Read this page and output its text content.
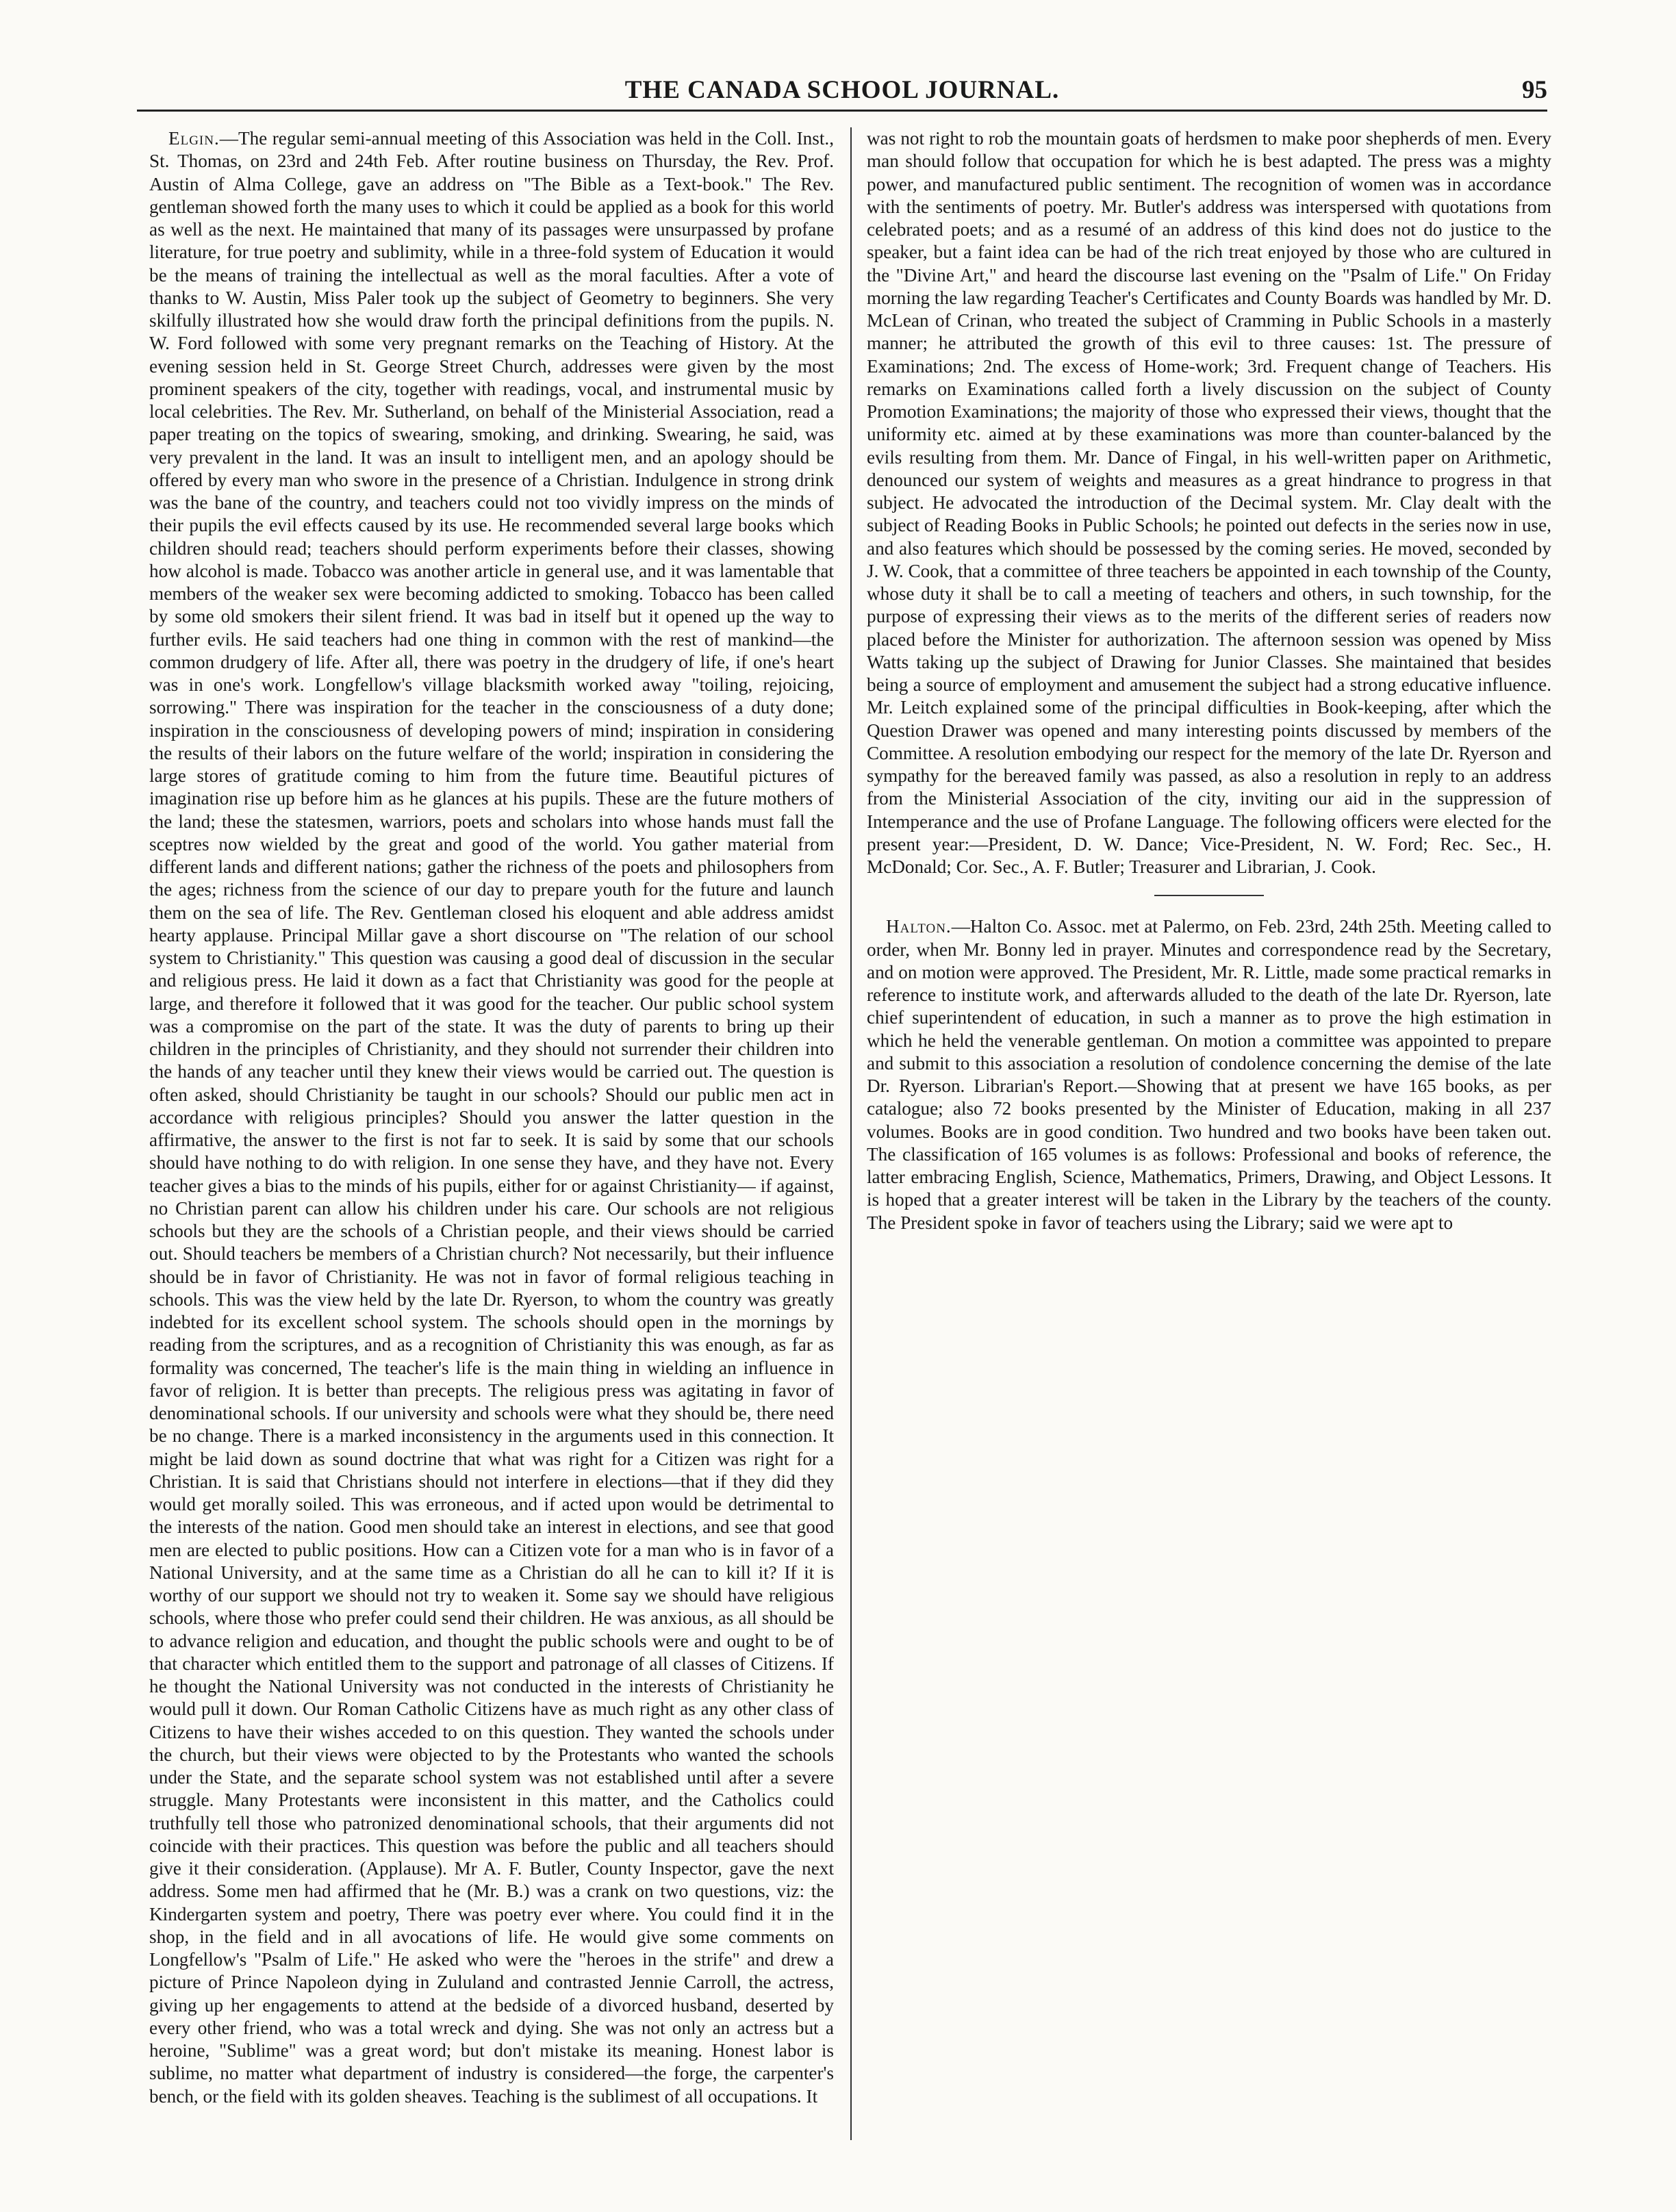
THE CANADA SCHOOL JOURNAL.	95

Elgin.—The regular semi-annual meeting of this Association was held in the Coll. Inst., St. Thomas, on 23rd and 24th Feb. After routine business on Thursday, the Rev. Prof. Austin of Alma College, gave an address on "The Bible as a Text-book." The Rev. gentleman showed forth the many uses to which it could be applied as a book for this world as well as the next. He maintained that many of its passages were unsurpassed by profane literature, for true poetry and sublimity, while in a three-fold system of Education it would be the means of training the intellectual as well as the moral faculties. After a vote of thanks to W. Austin, Miss Paler took up the subject of Geometry to beginners. She very skilfully illustrated how she would draw forth the principal definitions from the pupils. N. W. Ford followed with some very pregnant remarks on the Teaching of History. At the evening session held in St. George Street Church, addresses were given by the most prominent speakers of the city, together with readings, vocal, and instrumental music by local celebrities. The Rev. Mr. Sutherland, on behalf of the Ministerial Association, read a paper treating on the topics of swearing, smoking, and drinking. Swearing, he said, was very prevalent in the land. It was an insult to intelligent men, and an apology should be offered by every man who swore in the presence of a Christian. Indulgence in strong drink was the bane of the country, and teachers could not too vividly impress on the minds of their pupils the evil effects caused by its use. He recommended several large books which children should read; teachers should perform experiments before their classes, showing how alcohol is made. Tobacco was another article in general use, and it was lamentable that members of the weaker sex were becoming addicted to smoking. Tobacco has been called by some old smokers their silent friend. It was bad in itself but it opened up the way to further evils. He said teachers had one thing in common with the rest of mankind—the common drudgery of life. After all, there was poetry in the drudgery of life, if one's heart was in one's work. Longfellow's village blacksmith worked away "toiling, rejoicing, sorrowing." There was inspiration for the teacher in the consciousness of a duty done; inspiration in the consciousness of developing powers of mind; inspiration in considering the results of their labors on the future welfare of the world; inspiration in considering the large stores of gratitude coming to him from the future time. Beautiful pictures of imagination rise up before him as he glances at his pupils. These are the future mothers of the land; these the statesmen, warriors, poets and scholars into whose hands must fall the sceptres now wielded by the great and good of the world. You gather material from different lands and different nations; gather the richness of the poets and philosophers from the ages; richness from the science of our day to prepare youth for the future and launch them on the sea of life. The Rev. Gentleman closed his eloquent and able address amidst hearty applause. Principal Millar gave a short discourse on "The relation of our school system to Christianity." This question was causing a good deal of discussion in the secular and religious press. He laid it down as a fact that Christianity was good for the people at large, and therefore it followed that it was good for the teacher. Our public school system was a compromise on the part of the state. It was the duty of parents to bring up their children in the principles of Christianity, and they should not surrender their children into the hands of any teacher until they knew their views would be carried out. The question is often asked, should Christianity be taught in our schools? Should our public men act in accordance with religious principles? Should you answer the latter question in the affirmative, the answer to the first is not far to seek. It is said by some that our schools should have nothing to do with religion. In one sense they have, and they have not. Every teacher gives a bias to the minds of his pupils, either for or against Christianity— if against, no Christian parent can allow his children under his care. Our schools are not religious schools but they are the schools of a Christian people, and their views should be carried out. Should teachers be members of a Christian church? Not necessarily, but their influence should be in favor of Christianity. He was not in favor of formal religious teaching in schools. This was the view held by the late Dr. Ryerson, to whom the country was greatly indebted for its excellent school system. The schools should open in the mornings by reading from the scriptures, and as a recognition of Christianity this was enough, as far as formality was concerned, The teacher's life is the main thing in wielding an influence in favor of religion. It is better than precepts. The religious press was agitating in favor of denominational schools. If our university and schools were what they should be, there need be no change. There is a marked inconsistency in the arguments used in this connection. It might be laid down as sound doctrine that what was right for a Citizen was right for a Christian. It is said that Christians should not interfere in elections—that if they did they would get morally soiled. This was erroneous, and if acted upon would be detrimental to the interests of the nation. Good men should take an interest in elections, and see that good men are elected to public positions. How can a Citizen vote for a man who is in favor of a National University, and at the same time as a Christian do all he can to kill it? If it is worthy of our support we should not try to weaken it. Some say we should have religious schools, where those who prefer could send their children. He was anxious, as all should be to advance religion and education, and thought the public schools were and ought to be of that character which entitled them to the support and patronage of all classes of Citizens. If he thought the National University was not conducted in the interests of Christianity he would pull it down. Our Roman Catholic Citizens have as much right as any other class of Citizens to have their wishes acceded to on this question. They wanted the schools under the church, but their views were objected to by the Protestants who wanted the schools under the State, and the separate school system was not established until after a severe struggle. Many Protestants were inconsistent in this matter, and the Catholics could truthfully tell those who patronized denominational schools, that their arguments did not coincide with their practices. This question was before the public and all teachers should give it their consideration. (Applause). Mr A. F. Butler, County Inspector, gave the next address. Some men had affirmed that he (Mr. B.) was a crank on two questions, viz: the Kindergarten system and poetry, There was poetry ever where. You could find it in the shop, in the field and in all avocations of life. He would give some comments on Longfellow's "Psalm of Life." He asked who were the "heroes in the strife" and drew a picture of Prince Napoleon dying in Zululand and contrasted Jennie Carroll, the actress, giving up her engagements to attend at the bedside of a divorced husband, deserted by every other friend, who was a total wreck and dying. She was not only an actress but a heroine, "Sublime" was a great word; but don't mistake its meaning. Honest labor is sublime, no matter what department of industry is considered—the forge, the carpenter's bench, or the field with its golden sheaves. Teaching is the sublimest of all occupations. It

was not right to rob the mountain goats of herdsmen to make poor shepherds of men. Every man should follow that occupation for which he is best adapted. The press was a mighty power, and manufactured public sentiment. The recognition of women was in accordance with the sentiments of poetry. Mr. Butler's address was interspersed with quotations from celebrated poets; and as a resumé of an address of this kind does not do justice to the speaker, but a faint idea can be had of the rich treat enjoyed by those who are cultured in the "Divine Art," and heard the discourse last evening on the "Psalm of Life." On Friday morning the law regarding Teacher's Certificates and County Boards was handled by Mr. D. McLean of Crinan, who treated the subject of Cramming in Public Schools in a masterly manner; he attributed the growth of this evil to three causes: 1st. The pressure of Examinations; 2nd. The excess of Home-work; 3rd. Frequent change of Teachers. His remarks on Examinations called forth a lively discussion on the subject of County Promotion Examinations; the majority of those who expressed their views, thought that the uniformity etc. aimed at by these examinations was more than counter-balanced by the evils resulting from them. Mr. Dance of Fingal, in his well-written paper on Arithmetic, denounced our system of weights and measures as a great hindrance to progress in that subject. He advocated the introduction of the Decimal system. Mr. Clay dealt with the subject of Reading Books in Public Schools; he pointed out defects in the series now in use, and also features which should be possessed by the coming series. He moved, seconded by J. W. Cook, that a committee of three teachers be appointed in each township of the County, whose duty it shall be to call a meeting of teachers and others, in such township, for the purpose of expressing their views as to the merits of the different series of readers now placed before the Minister for authorization. The afternoon session was opened by Miss Watts taking up the subject of Drawing for Junior Classes. She maintained that besides being a source of employment and amusement the subject had a strong educative influence. Mr. Leitch explained some of the principal difficulties in Book-keeping, after which the Question Drawer was opened and many interesting points discussed by members of the Committee. A resolution embodying our respect for the memory of the late Dr. Ryerson and sympathy for the bereaved family was passed, as also a resolution in reply to an address from the Ministerial Association of the city, inviting our aid in the suppression of Intemperance and the use of Profane Language. The following officers were elected for the present year:—President, D. W. Dance; Vice-President, N. W. Ford; Rec. Sec., H. McDonald; Cor. Sec., A. F. Butler; Treasurer and Librarian, J. Cook.

Halton.—Halton Co. Assoc. met at Palermo, on Feb. 23rd, 24th 25th. Meeting called to order, when Mr. Bonny led in prayer. Minutes and correspondence read by the Secretary, and on motion were approved. The President, Mr. R. Little, made some practical remarks in reference to institute work, and afterwards alluded to the death of the late Dr. Ryerson, late chief superintendent of education, in such a manner as to prove the high estimation in which he held the venerable gentleman. On motion a committee was appointed to prepare and submit to this association a resolution of condolence concerning the demise of the late Dr. Ryerson. Librarian's Report.—Showing that at present we have 165 books, as per catalogue; also 72 books presented by the Minister of Education, making in all 237 volumes. Books are in good condition. Two hundred and two books have been taken out. The classification of 165 volumes is as follows: Professional and books of reference, the latter embracing English, Science, Mathematics, Primers, Drawing, and Object Lessons. It is hoped that a greater interest will be taken in the Library by the teachers of the county. The President spoke in favor of teachers using the Library; said we were apt to
